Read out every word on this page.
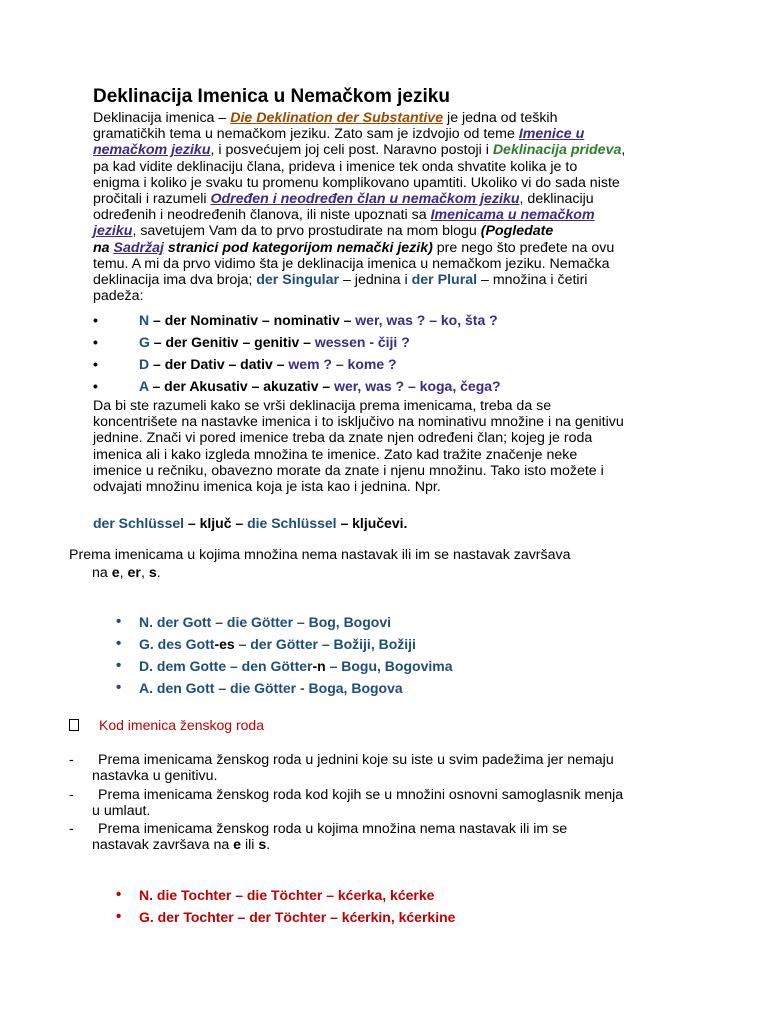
Deklinacija Imenica u Nemačkom jeziku
Deklinacija imenica – Die Deklination der Substantive je jedna od teških
gramatičkih tema u nemačkom jeziku. Zato sam je izdvojio od teme Imenice u
nemačkom jeziku, i posvećujem joj celi post. Naravno postoji i Deklinacija prideva,
pa kad vidite deklinaciju člana, prideva i imenice tek onda shvatite kolika je to
enigma i koliko je svaku tu promenu komplikovano upamtiti. Ukoliko vi do sada niste
pročitali i razumeli Određen i neodređen član u nemačkom jeziku, deklinaciju
određenih i neodređenih članova, ili niste upoznati sa Imenicama u nemačkom
jeziku, savetujem Vam da to prvo prostudirate na mom blogu (Pogledate
na Sadržaj stranici pod kategorijom nemački jezik) pre nego što pređete na ovu
temu. A mi da prvo vidimo šta je deklinacija imenica u nemačkom jeziku. Nemačka
deklinacija ima dva broja; der Singular – jednina i der Plural – množina i četiri
padeža:
•	N – der Nominativ – nominativ – wer, was ? – ko, šta ?
•	G – der Genitiv – genitiv – wessen - čiji ?
•	D – der Dativ – dativ – wem ? – kome ?
•	A – der Akusativ – akuzativ – wer, was ? – koga, čega?
Da bi ste razumeli kako se vrši deklinacija prema imenicama, treba da se
koncentrišete na nastavke imenica i to isključivo na nominativu množine i na genitivu
jednine. Znači vi pored imenice treba da znate njen određeni član; kojeg je roda
imenica ali i kako izgleda množina te imenice. Zato kad tražite značenje neke
imenice u rečniku, obavezno morate da znate i njenu množinu. Tako isto možete i
odvajati množinu imenica koja je ista kao i jednina. Npr.
der Schlüssel – ključ – die Schlüssel – ključevi.
Prema imenicama u kojima množina nema nastavak ili im se nastavak završava
na e, er, s.
• N. der Gott – die Götter – Bog, Bogovi
• G. des Gott-es – der Götter – Božiji, Božiji
• D. dem Gotte – den Götter-n – Bogu, Bogovima
• A. den Gott – die Götter - Boga, Bogova
Kod imenica ženskog roda
- Prema imenicama ženskog roda u jednini koje su iste u svim padežima jer nemaju
nastavka u genitivu.
- Prema imenicama ženskog roda kod kojih se u množini osnovni samoglasnik menja
u umlaut.
- Prema imenicama ženskog roda u kojima množina nema nastavak ili im se
nastavak završava na e ili s.
• N. die Tochter – die Töchter – kćerka, kćerke
• G. der Tochter – der Töchter – kćerkin, kćerkine
